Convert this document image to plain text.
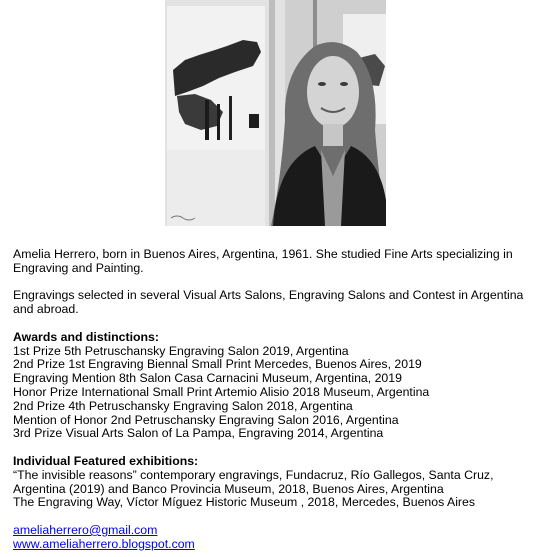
Amelia Herrero, born in Buenos Aires, Argentina, 1961. She studied Fine Arts specializing in Engraving and Painting.

Engravings selected in several Visual Arts Salons, Engraving Salons and Contest in Argentina and abroad.

Awards and distinctions:

1st Prize 5th Petruschansky Engraving Salon 2019, Argentina

2nd Prize 1st Engraving Biennal Small Print Mercedes, Buenos Aires, 2019

Engraving Mention 8th Salon Casa Carnacini Museum, Argentina, 2019

Honor Prize International Small Print Artemio Alisio 2018 Museum, Argentina

2nd Prize 4th Petruschansky Engraving Salon 2018, Argentina

Mention of Honor 2nd Petruschansky Engraving Salon 2016, Argentina

3rd Prize Visual Arts Salon of La Pampa, Engraving 2014, Argentina

Individual Featured exhibitions:

“The invisible reasons” contemporary engravings, Fundacruz, Río Gallegos, Santa Cruz, Argentina (2019) and Banco Provincia Museum, 2018, Buenos Aires, Argentina

The Engraving Way, Víctor Míguez Historic Museum , 2018, Mercedes, Buenos Aires

ameliaherrero@gmail.com

www.ameliaherrero.blogspot.com
